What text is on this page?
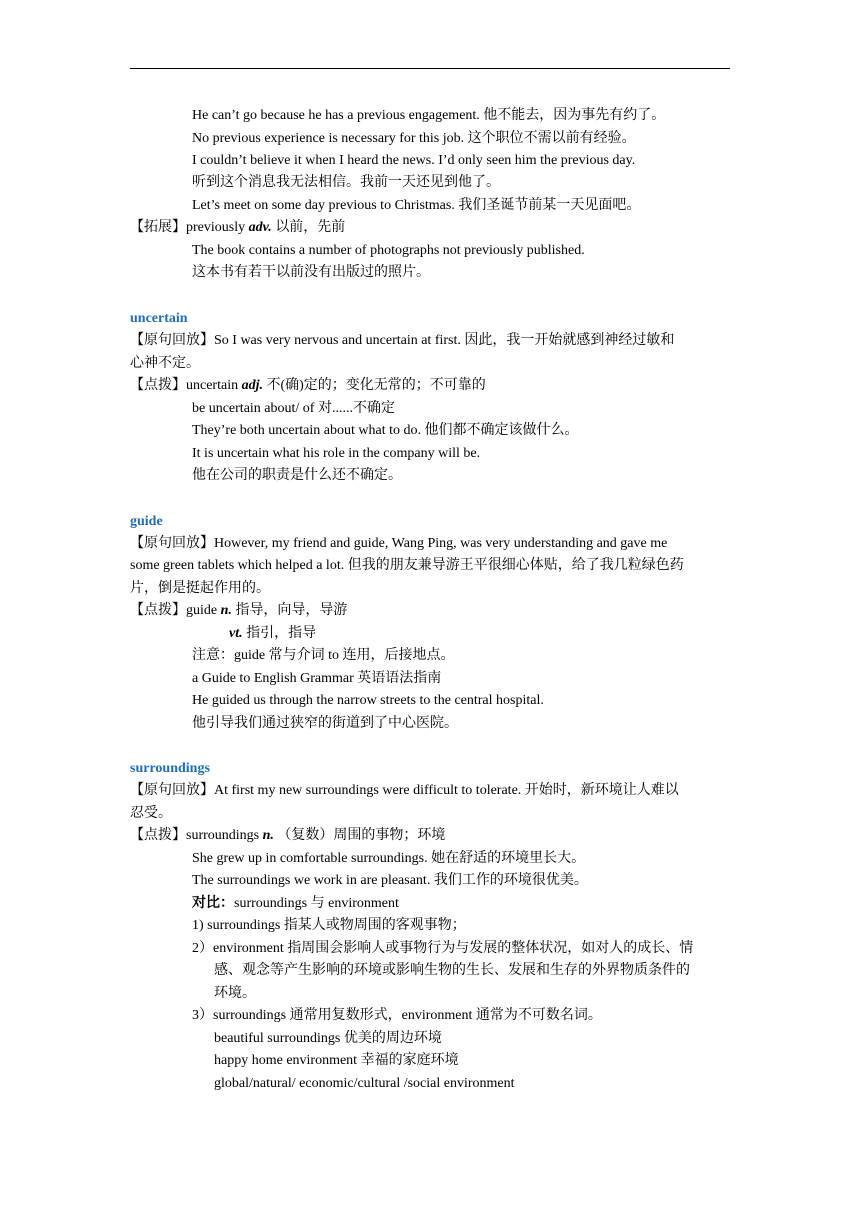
He can’t go because he has a previous engagement. 他不能去，因为事先有约了。
No previous experience is necessary for this job. 这个职位不需以前有经验。
I couldn’t believe it when I heard the news. I’d only seen him the previous day.
听到这个消息我无法相信。我前一天还见到他了。
Let’s meet on some day previous to Christmas. 我们圣诞节前某一天见面吧。
【拓展】previously adv. 以前，先前
The book contains a number of photographs not previously published.
这本书有若干以前没有出版过的照片。
uncertain
【原句回放】So I was very nervous and uncertain at first. 因此，我一开始就感到神经过敏和
心神不定。
【点拨】uncertain adj. 不(确)定的；变化无常的；不可靠的
be uncertain about/ of 对......不确定
They’re both uncertain about what to do. 他们都不确定该做什么。
It is uncertain what his role in the company will be.
他在公司的职责是什么还不确定。
guide
【原句回放】However, my friend and guide, Wang Ping, was very understanding and gave me
some green tablets which helped a lot. 但我的朋友兼导游王平很细心体贴，给了我几粒绿色药
片，倒是挺起作用的。
【点拨】guide n. 指导，向导，导游
vt. 指引，指导
注意：guide 常与介词 to 连用，后接地点。
a Guide to English Grammar 英语语法指南
He guided us through the narrow streets to the central hospital.
他引导我们通过狭窄的街道到了中心医院。
surroundings
【原句回放】At first my new surroundings were difficult to tolerate. 开始时，新环境让人难以
忍受。
【点拨】surroundings n. （复数）周围的事物；环境
She grew up in comfortable surroundings. 她在舒适的环境里长大。
The surroundings we work in are pleasant. 我们工作的环境很优美。
对比：surroundings 与 environment
1) surroundings 指某人或物周围的客观事物；
2）environment 指周围会影响人或事物行为与发展的整体状况，如对人的成长、情
感、观念等产生影响的环境或影响生物的生长、发展和生存的外界物质条件的
环境。
3）surroundings 通常用复数形式，environment 通常为不可数名词。
beautiful surroundings 优美的周边环境
happy home environment 幸福的家庭环境
global/natural/ economic/cultural /social environment
